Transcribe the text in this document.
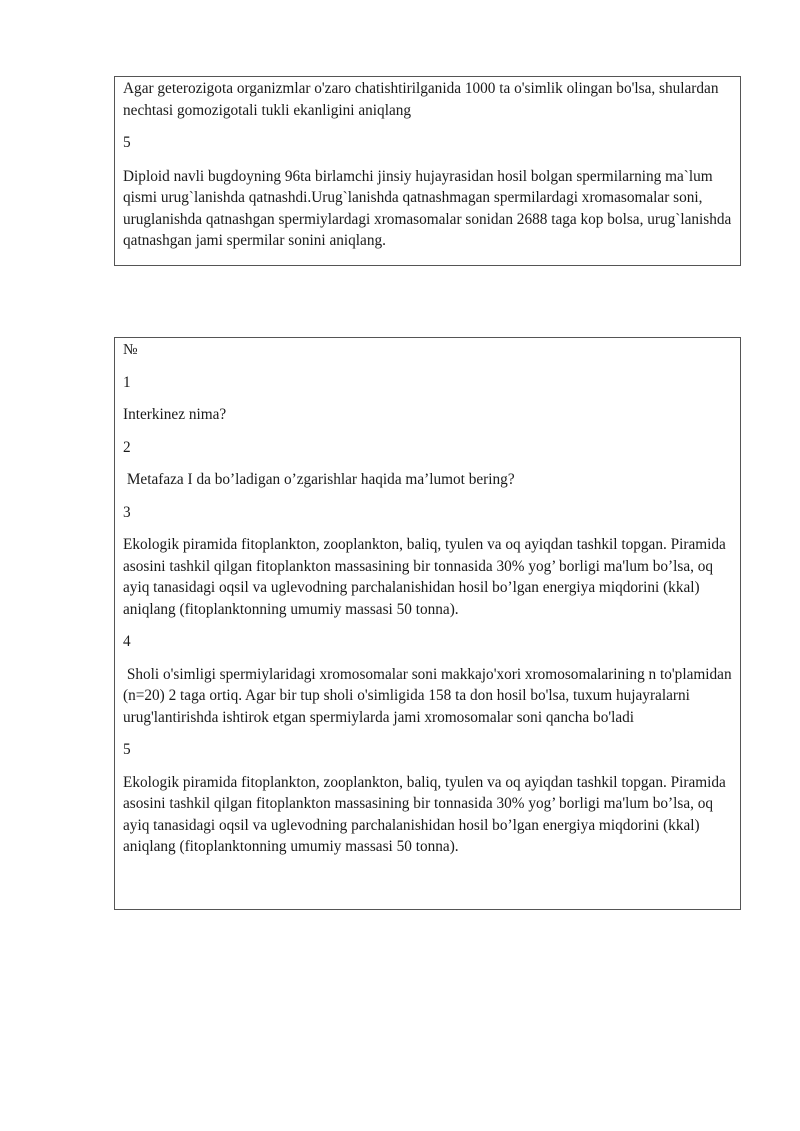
Agar geterozigota organizmlar o'zaro chatishtirilganida 1000 ta o'simlik olingan bo'lsa, shulardan nechtasi gomozigotali tukli ekanligini aniqlang

5

Diploid navli bugdoyning 96ta birlamchi jinsiy hujayrasidan hosil bolgan spermilarning ma`lum qismi urug`lanishda qatnashdi.Urug`lanishda qatnashmagan spermilardagi xromasomalar soni, uruglanishda qatnashgan spermiylardagi xromasomalar sonidan 2688 taga kop bolsa, urug`lanishda qatnashgan jami spermilar sonini aniqlang.

№

1

Interkinez nima?

2

Metafaza I da bo’ladigan o’zgarishlar haqida ma’lumot bering?

3

Ekologik piramida fitoplankton, zooplankton, baliq, tyulen va oq ayiqdan tashkil topgan. Piramida asosini tashkil qilgan fitoplankton massasining bir tonnasida 30% yog’ borligi ma'lum bo’lsa, oq ayiq tanasidagi oqsil va uglevodning parchalanishidan hosil bo’lgan energiya miqdorini (kkal) aniqlang (fitoplanktonning umumiy massasi 50 tonna).

4

Sholi o'simligi spermiylaridagi xromosomalar soni makkajo'xori xromosomalarining n to'plamidan (n=20) 2 taga ortiq. Agar bir tup sholi o'simligida 158 ta don hosil bo'lsa, tuxum hujayralarni urug'lantirishda ishtirok etgan spermiylarda jami xromosomalar soni qancha bo'ladi

5

Ekologik piramida fitoplankton, zooplankton, baliq, tyulen va oq ayiqdan tashkil topgan. Piramida asosini tashkil qilgan fitoplankton massasining bir tonnasida 30% yog’ borligi ma'lum bo’lsa, oq ayiq tanasidagi oqsil va uglevodning parchalanishidan hosil bo’lgan energiya miqdorini (kkal) aniqlang (fitoplanktonning umumiy massasi 50 tonna).
